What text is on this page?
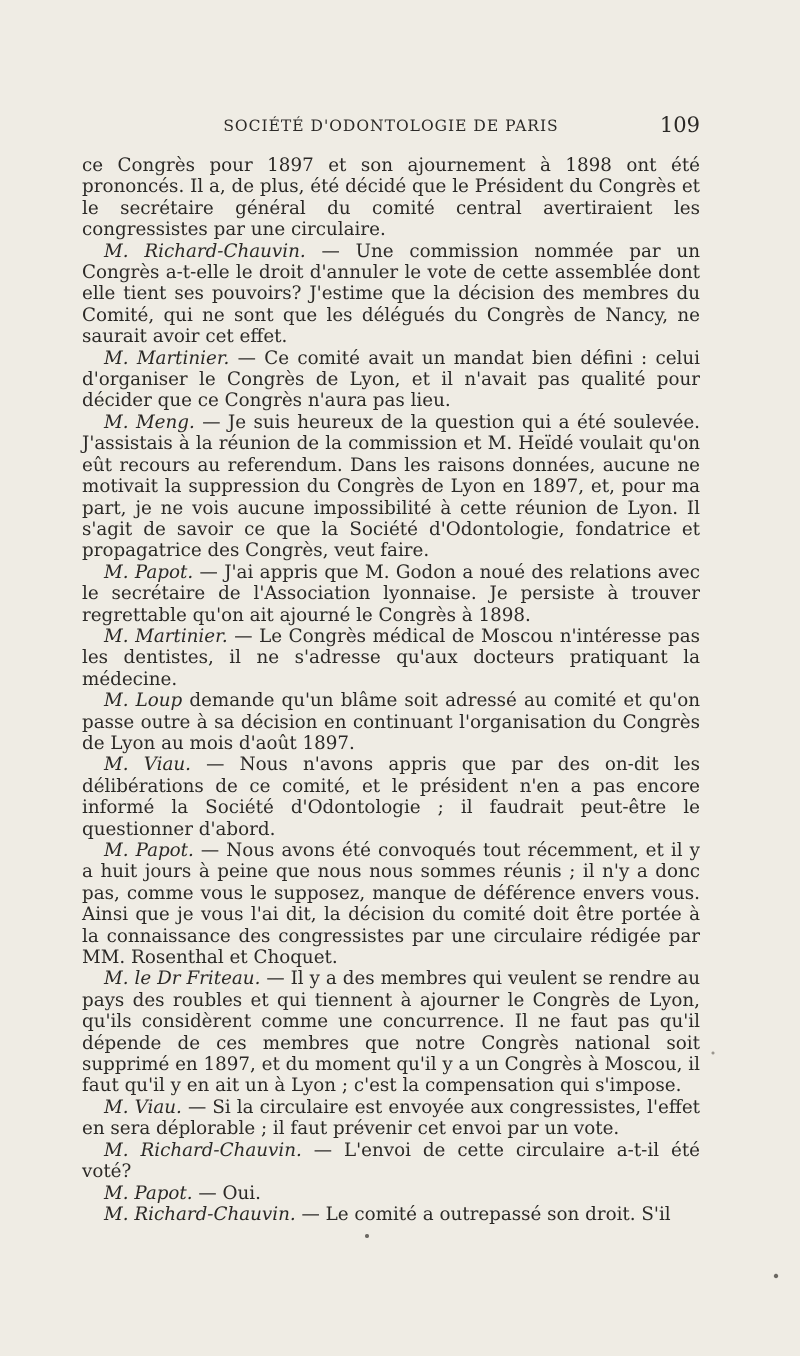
SOCIÉTÉ D'ODONTOLOGIE DE PARIS	109

ce Congrès pour 1897 et son ajournement à 1898 ont été prononcés. Il a, de plus, été décidé que le Président du Congrès et le secrétaire général du comité central avertiraient les congressistes par une circulaire.

M. Richard-Chauvin. — Une commission nommée par un Congrès a-t-elle le droit d'annuler le vote de cette assemblée dont elle tient ses pouvoirs? J'estime que la décision des membres du Comité, qui ne sont que les délégués du Congrès de Nancy, ne saurait avoir cet effet.

M. Martinier. — Ce comité avait un mandat bien défini : celui d'organiser le Congrès de Lyon, et il n'avait pas qualité pour décider que ce Congrès n'aura pas lieu.

M. Meng. — Je suis heureux de la question qui a été soulevée. J'assistais à la réunion de la commission et M. Heïdé voulait qu'on eût recours au referendum. Dans les raisons données, aucune ne motivait la suppression du Congrès de Lyon en 1897, et, pour ma part, je ne vois aucune impossibilité à cette réunion de Lyon. Il s'agit de savoir ce que la Société d'Odontologie, fondatrice et propagatrice des Congrès, veut faire.

M. Papot. — J'ai appris que M. Godon a noué des relations avec le secrétaire de l'Association lyonnaise. Je persiste à trouver regrettable qu'on ait ajourné le Congrès à 1898.

M. Martinier. — Le Congrès médical de Moscou n'intéresse pas les dentistes, il ne s'adresse qu'aux docteurs pratiquant la médecine.

M. Loup demande qu'un blâme soit adressé au comité et qu'on passe outre à sa décision en continuant l'organisation du Congrès de Lyon au mois d'août 1897.

M. Viau. — Nous n'avons appris que par des on-dit les délibérations de ce comité, et le président n'en a pas encore informé la Société d'Odontologie ; il faudrait peut-être le questionner d'abord.

M. Papot. — Nous avons été convoqués tout récemment, et il y a huit jours à peine que nous nous sommes réunis ; il n'y a donc pas, comme vous le supposez, manque de déférence envers vous. Ainsi que je vous l'ai dit, la décision du comité doit être portée à la connaissance des congressistes par une circulaire rédigée par MM. Rosenthal et Choquet.

M. le Dr Friteau. — Il y a des membres qui veulent se rendre au pays des roubles et qui tiennent à ajourner le Congrès de Lyon, qu'ils considèrent comme une concurrence. Il ne faut pas qu'il dépende de ces membres que notre Congrès national soit supprimé en 1897, et du moment qu'il y a un Congrès à Moscou, il faut qu'il y en ait un à Lyon ; c'est la compensation qui s'impose.

M. Viau. — Si la circulaire est envoyée aux congressistes, l'effet en sera déplorable ; il faut prévenir cet envoi par un vote.

M. Richard-Chauvin. — L'envoi de cette circulaire a-t-il été voté?

M. Papot. — Oui.

M. Richard-Chauvin. — Le comité a outrepassé son droit. S'il
